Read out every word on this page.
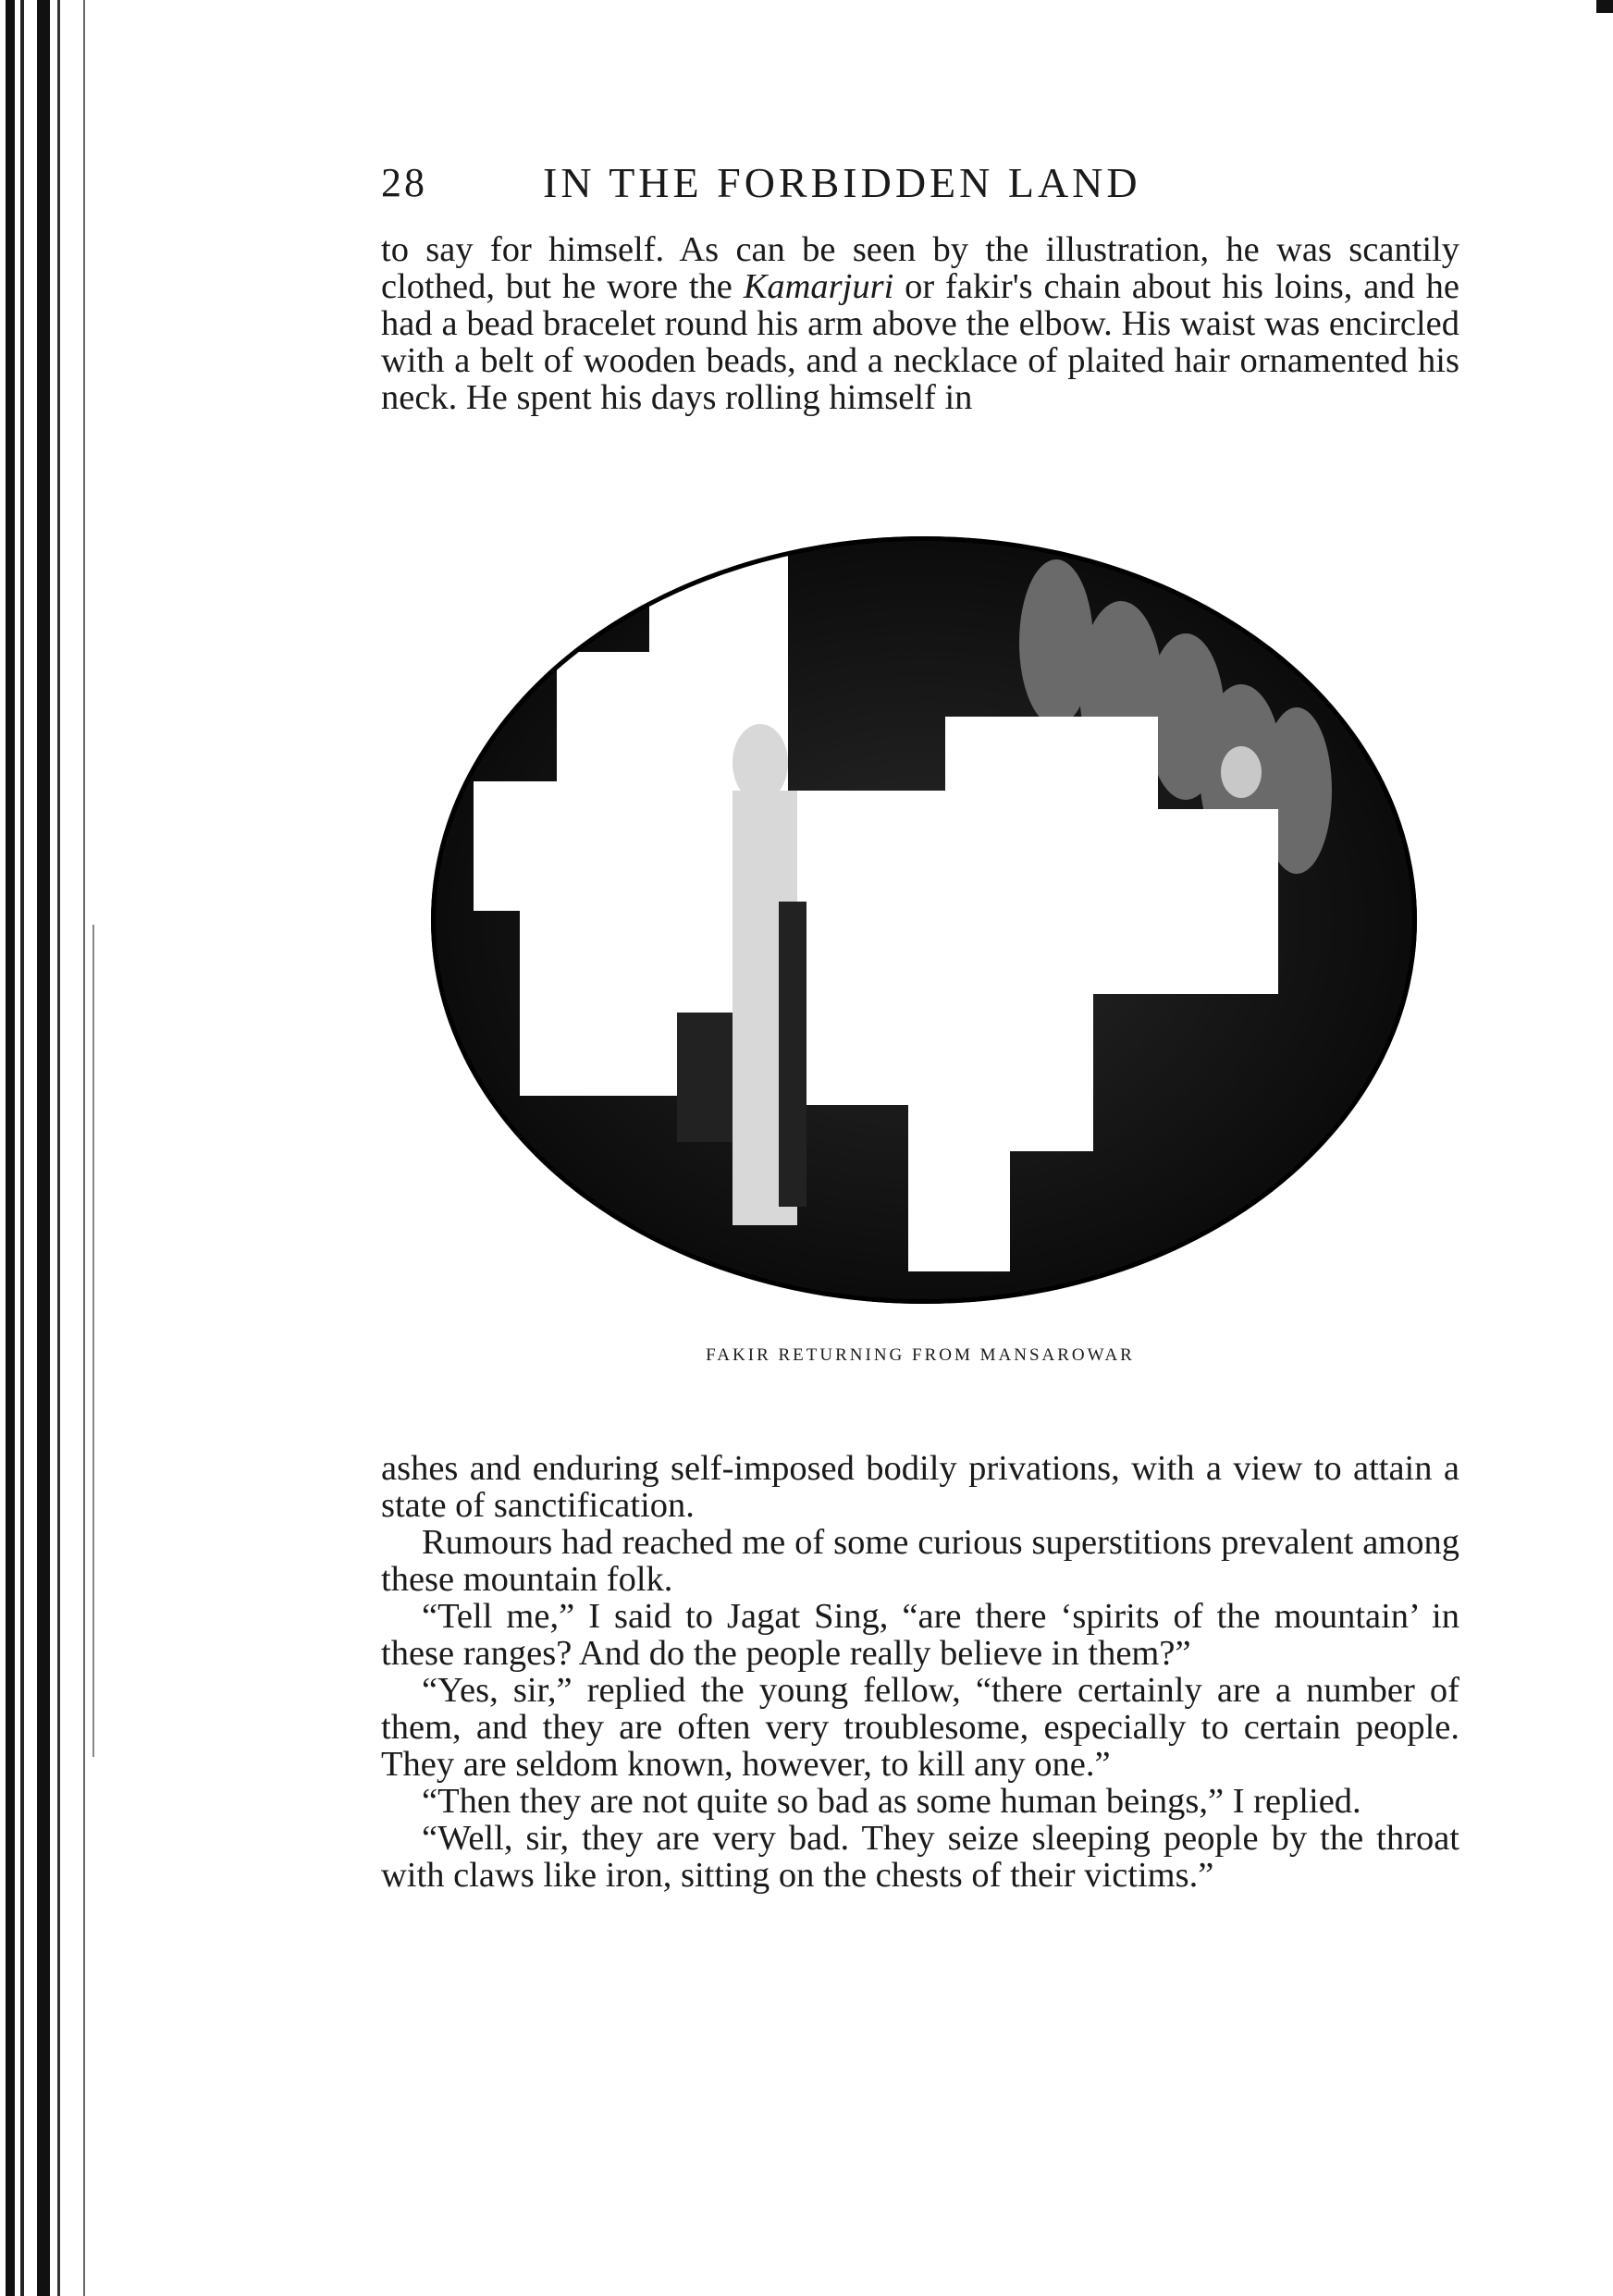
28	IN THE FORBIDDEN LAND

to say for himself. As can be seen by the illustration, he was scantily clothed, but he wore the Kamarjuri or fakir's chain about his loins, and he had a bead bracelet round his arm above the elbow. His waist was encircled with a belt of wooden beads, and a necklace of plaited hair ornamented his neck. He spent his days rolling himself in

FAKIR RETURNING FROM MANSAROWAR

ashes and enduring self-imposed bodily privations, with a view to attain a state of sanctification.

Rumours had reached me of some curious superstitions prevalent among these mountain folk.

“Tell me,” I said to Jagat Sing, “are there ‘spirits of the mountain’ in these ranges? And do the people really believe in them?”

“Yes, sir,” replied the young fellow, “there certainly are a number of them, and they are often very troublesome, especially to certain people. They are seldom known, however, to kill any one.”

“Then they are not quite so bad as some human beings,” I replied.

“Well, sir, they are very bad. They seize sleeping people by the throat with claws like iron, sitting on the chests of their victims.”
